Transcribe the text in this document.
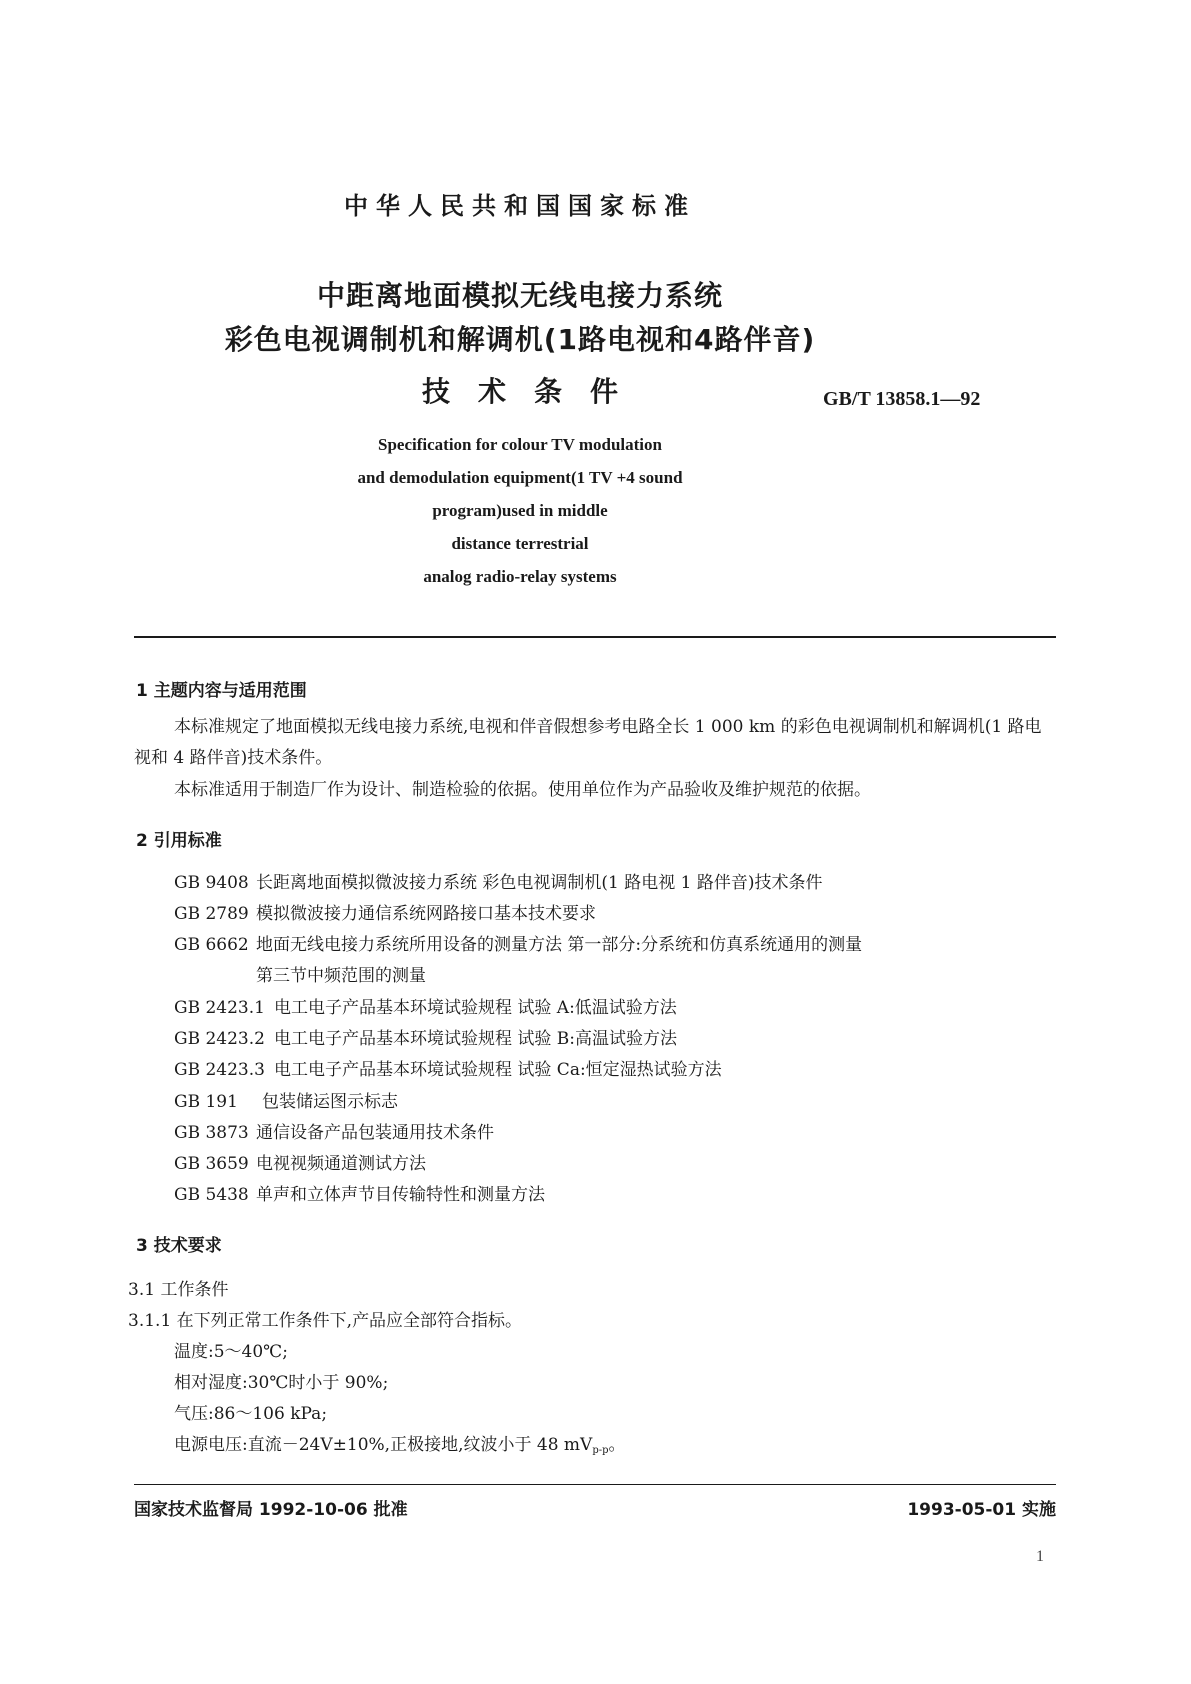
中华人民共和国国家标准
中距离地面模拟无线电接力系统
彩色电视调制机和解调机(1路电视和4路伴音)
技术条件	GB/T 13858.1—92
Specification for colour TV modulation
and demodulation equipment(1 TV +4 sound
program)used in middle
distance terrestrial
analog radio-relay systems
1 主题内容与适用范围
本标准规定了地面模拟无线电接力系统,电视和伴音假想参考电路全长 1 000 km 的彩色电视调制机和解调机(1 路电视和 4 路伴音)技术条件。
本标准适用于制造厂作为设计、制造检验的依据。使用单位作为产品验收及维护规范的依据。
2 引用标准
GB 9408 长距离地面模拟微波接力系统 彩色电视调制机(1 路电视 1 路伴音)技术条件
GB 2789 模拟微波接力通信系统网路接口基本技术要求
GB 6662 地面无线电接力系统所用设备的测量方法 第一部分:分系统和仿真系统通用的测量
第三节中频范围的测量
GB 2423.1 电工电子产品基本环境试验规程 试验 A:低温试验方法
GB 2423.2 电工电子产品基本环境试验规程 试验 B:高温试验方法
GB 2423.3 电工电子产品基本环境试验规程 试验 Ca:恒定湿热试验方法
GB 191 包装储运图示标志
GB 3873 通信设备产品包装通用技术条件
GB 3659 电视视频通道测试方法
GB 5438 单声和立体声节目传输特性和测量方法
3 技术要求
3.1 工作条件
3.1.1 在下列正常工作条件下,产品应全部符合指标。
温度:5～40℃;
相对湿度:30℃时小于 90%;
气压:86～106 kPa;
电源电压:直流－24V±10%,正极接地,纹波小于 48 $mV_{p-p}$。
国家技术监督局 1992-10-06 批准	1993-05-01 实施
1
